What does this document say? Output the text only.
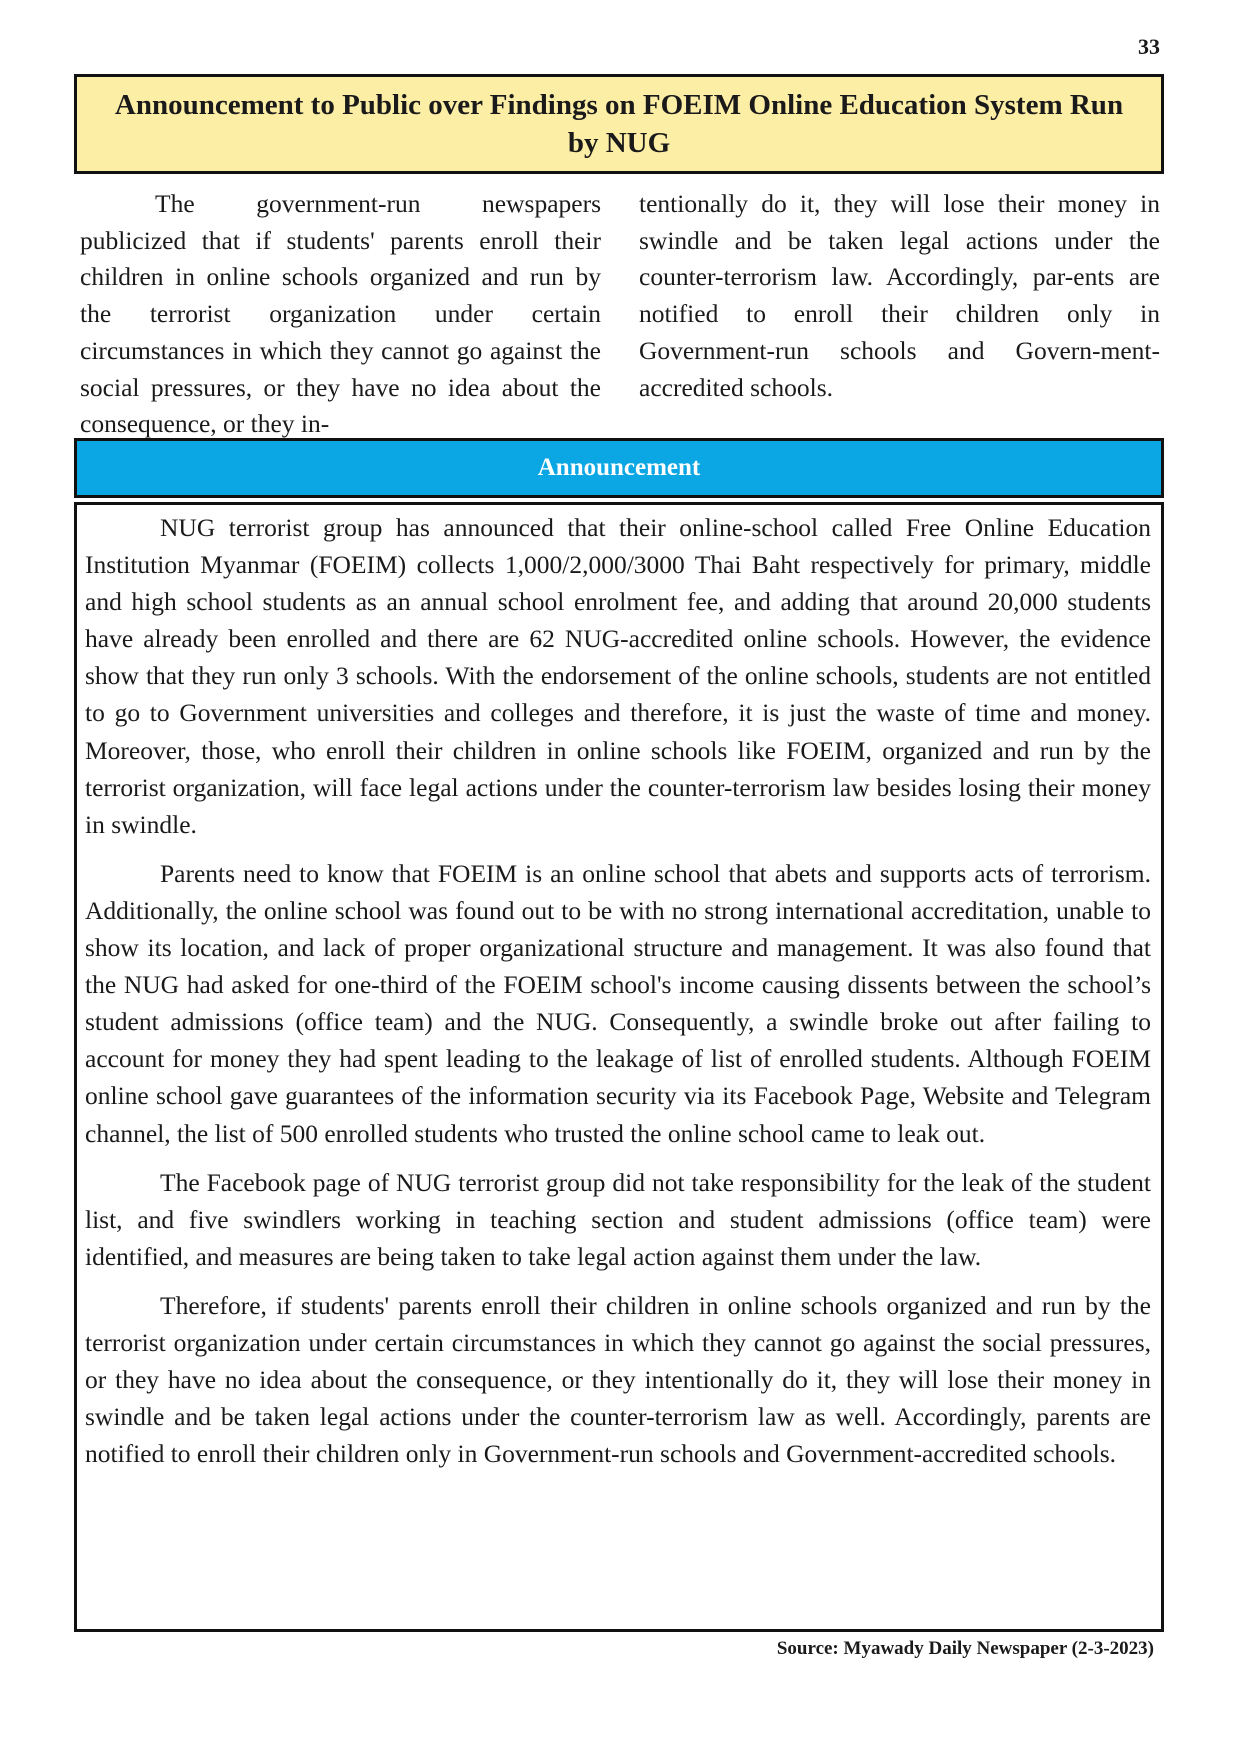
33
Announcement to Public over Findings on FOEIM Online Education System Run by NUG
The government-run newspapers publicized that if students' parents enroll their children in online schools organized and run by the terrorist organization under certain circumstances in which they cannot go against the social pressures, or they have no idea about the consequence, or they in-
tentionally do it, they will lose their money in swindle and be taken legal actions under the counter-terrorism law. Accordingly, par-ents are notified to enroll their children only in Government-run schools and Govern-ment-accredited schools.
Announcement

NUG terrorist group has announced that their online-school called Free Online Education Institution Myanmar (FOEIM) collects 1,000/2,000/3000 Thai Baht respectively for primary, middle and high school students as an annual school enrolment fee, and adding that around 20,000 students have already been enrolled and there are 62 NUG-accredited online schools. However, the evidence show that they run only 3 schools. With the endorsement of the online schools, students are not entitled to go to Government universities and colleges and therefore, it is just the waste of time and money. Moreover, those, who enroll their children in online schools like FOEIM, organized and run by the terrorist organization, will face legal actions under the counter-terrorism law besides losing their money in swindle.

Parents need to know that FOEIM is an online school that abets and supports acts of terrorism. Additionally, the online school was found out to be with no strong international accreditation, unable to show its location, and lack of proper organizational structure and management. It was also found that the NUG had asked for one-third of the FOEIM school's income causing dissents between the school’s student admissions (office team) and the NUG. Consequently, a swindle broke out after failing to account for money they had spent leading to the leakage of list of enrolled students. Although FOEIM online school gave guarantees of the information security via its Facebook Page, Website and Telegram channel, the list of 500 enrolled students who trusted the online school came to leak out.

The Facebook page of NUG terrorist group did not take responsibility for the leak of the student list, and five swindlers working in teaching section and student admissions (office team) were identified, and measures are being taken to take legal action against them under the law.

Therefore, if students' parents enroll their children in online schools organized and run by the terrorist organization under certain circumstances in which they cannot go against the social pressures, or they have no idea about the consequence, or they intentionally do it, they will lose their money in swindle and be taken legal actions under the counter-terrorism law as well. Accordingly, parents are notified to enroll their children only in Government-run schools and Government-accredited schools.

Source: Myawady Daily Newspaper (2-3-2023)
